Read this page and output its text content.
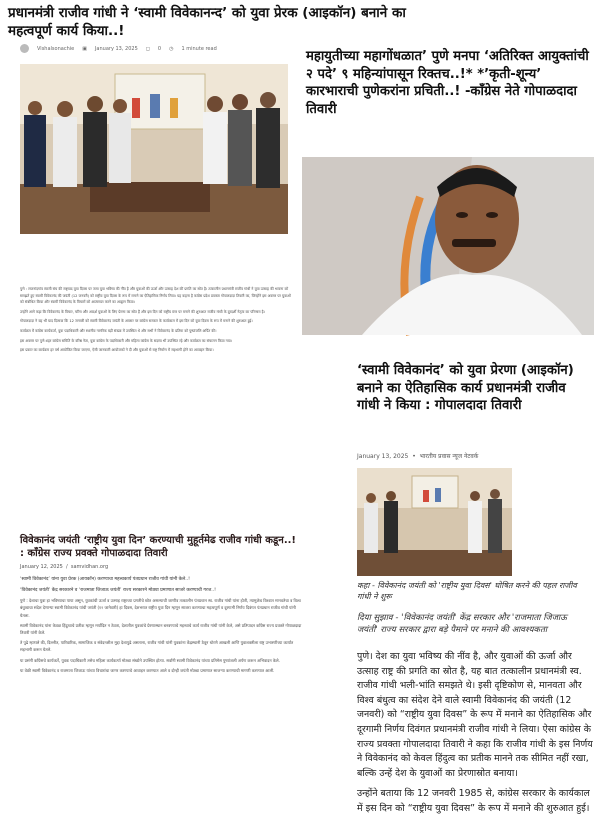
प्रधानमंत्री राजीव गांधी ने ‘स्वामी विवेकानन्द’ को युवा प्रेरक (आइकॉन) बनाने का महत्वपूर्ण कार्य किया..!
Vishalsonachie ▣ January 13, 2025 ◻ 0 ◷ 1 minute read

पुणे : राजनांदगांव स्वामी संघ की राष्ट्रवाद युवा दिवस पर जमा युवा भविष्य की नींव है और युवाओं की ऊर्जा और उत्साह देश की प्रगति का स्रोत है। तत्कालीन प्रधानमंत्री राजीव गांधी ने युवा उत्साह की भावना को समझते हुए स्वामी विवेकानंद की जयंती (12 जनवरी) को राष्ट्रीय युवा दिवस के रूप में मनाने का ऐतिहासिक निर्णय लिया। यह कहना है कांग्रेस प्रदेश प्रवक्ता गोपालदादा तिवारी का, जिन्होंने इस अवसर पर युवाओं को संबोधित किया और स्वामी विवेकानंद के विचारों को आत्मसात करने का आह्वान किया।

उन्होंने आगे कहा कि विवेकानंद के विचार, चरित्र और आदर्श युवाओं के लिए प्रेरणा का स्रोत हैं और इस दिन को राष्ट्रीय स्तर पर मनाने की शुरुआत राजीव गांधी के दूरदर्शी नेतृत्व का परिणाम है।

गोपालदादा ने यह भी याद दिलाया कि 12 जनवरी को स्वामी विवेकानंद जयंती के अवसर पर कांग्रेस सरकार के कार्यकाल में इस दिन को युवा दिवस के रूप में मनाने की शुरुआत हुई।

कार्यक्रम में कांग्रेस कार्यकर्ता, युवा पदाधिकारी और स्थानीय नागरिक बड़ी संख्या में उपस्थित थे और सभी ने विवेकानंद के प्रतिमा को पुष्पांजलि अर्पित की।

इस अवसर पर पुणे शहर कांग्रेस समिति के वरिष्ठ नेता, युवा कांग्रेस के पदाधिकारी और महिला कांग्रेस के सदस्य भी उपस्थित रहे और कार्यक्रम का संचालन किया गया।

इस प्रकार का कार्यक्रम हर वर्ष आयोजित किया जाएगा, ऐसी जानकारी आयोजकों ने दी और युवाओं से राष्ट्र निर्माण में सहभागी होने का आवाहन किया।

महायुतीच्या महागोंधळात’ पुणे मनपा ‘अतिरिक्त आयुक्तांची २ पदे’ ९ महिन्यांपासून रिक्तच..!* *’कृती-शून्य’ कारभाराची पुणेकरांना प्रचिती..! -कॉंग्रेस नेते गोपाळदादा तिवारी
‘स्वामी विवेकानंद’ को युवा प्रेरणा (आइकॉन) बनाने का ऐतिहासिक कार्य प्रधानमंत्री राजीव गांधी ने किया : गोपालदादा तिवारी
January 13, 2025  •  भारतीय प्रवास न्यूज नेटवर्क

कहा - विवेकानंद जयंती को 'राष्ट्रीय युवा दिवस' घोषित करने की पहल राजीव गांधी ने शुरू

दिया सुझाव - 'विवेकानंद जयंती' केंद्र सरकार और 'राजमाता जिजाऊ जयंती' राज्य सरकार द्वारा बड़े पैमाने पर मनाने की आवश्यकता

पुणे। देश का युवा भविष्य की नींव है, और युवाओं की ऊर्जा और उत्साह राष्ट्र की प्रगति का स्रोत है, यह बात तत्कालीन प्रधानमंत्री स्व. राजीव गांधी भली-भांति समझते थे। इसी दृष्टिकोण से, मानवता और विश्व बंधुत्व का संदेश देने वाले स्वामी विवेकानंद की जयंती (12 जनवरी) को “राष्ट्रीय युवा दिवस” के रूप में मनाने का ऐतिहासिक और दूरगामी निर्णय दिवंगत प्रधानमंत्री राजीव गांधी ने लिया। ऐसा कांग्रेस के राज्य प्रवक्ता गोपालदादा तिवारी ने कहा कि राजीव गांधी के इस निर्णय ने विवेकानंद को केवल हिंदुत्व का प्रतीक मानने तक सीमित नहीं रखा, बल्कि उन्हें देश के युवाओं का प्रेरणास्रोत बनाया।

उन्होंने बताया कि 12 जनवरी 1985 से, कांग्रेस सरकार के कार्यकाल में इस दिन को “राष्ट्रीय युवा दिवस” के रूप में मनाने की शुरुआत हुई।

विवेकानंद जयंती ‘राष्ट्रीय युवा दिन’ करण्याची मुहूर्तमेढ राजीव गांधी कडून..! : कॉंग्रेस राज्य प्रवक्ते गोपाळदादा तिवारी
January 12, 2025  /  samvidhan.org

‘स्वामी विवेकानंद’ यांना युवा प्रेरक (आयकॉन) करण्याचा महत्त्वकार्य पंतप्रधान राजीव गांधी यांनी केले..!

‘विवेकानंद जयंती’ केंद्र सरकारने व ‘राजमाता जिजाऊ जयंती’ राज्य सरकारने मोठ्या प्रमाणात साजरे करण्याची गरज..!

पुणे : देशाचा युवा हा भविष्याचा पाया असून, युवकांची ऊर्जा व उत्साह राष्ट्राच्या प्रगतीचे स्रोत असल्याची जाणीव तत्कालीन पंतप्रधान स्व. राजीव गांधी यांना होती, त्यामुळेच विश्वात मानवतेचा व विश्व बंधुत्वाचा संदेश देणाऱ्या स्वामी विवेकानंद यांची जयंती (१२ जानेवारी) हा दिवस, देशभरात राष्ट्रीय युवा दिन म्हणून साजरा करण्याचा महत्वपूर्ण व दूरगामी निर्णय दिवंगत पंतप्रधान राजीव गांधी यांनी घेतला.

स्वामी विवेकानंद यांना केवळ हिंदुत्वाचे प्रतीक म्हणून मर्यादित न ठेवता, देशातील युवकांचे प्रेरणास्थान बनवण्याचे महत्त्वाचे कार्य राजीव गांधी यांनी केले, असे प्रतिपादन कॉंग्रेस राज्य प्रवक्ते गोपाळदादा तिवारी यांनी केले.

ते पुढे म्हणाले की, दिल्लीत, पारिवारिक, सामाजिक व संवेदनशील मुद्दा देशापुढे असताना, राजीव गांधी यांनी युवकांना केंद्रस्थानी ठेवून धोरणे आखली आणि युवाशक्तीला राष्ट्र उभारणीच्या कार्यात सहभागी करून घेतले.

या प्रसंगी कॉंग्रेसचे कार्यकर्ते, युवक पदाधिकारी तसेच महिला कार्यकर्त्या मोठ्या संख्येने उपस्थित होत्या. सर्वांनी स्वामी विवेकानंद यांच्या प्रतिमेस पुष्पांजली अर्पण करून अभिवादन केले.

या वेळी स्वामी विवेकानंद व राजमाता जिजाऊ यांच्या विचारांचा जागर करण्याचे आवाहन करण्यात आले व दोन्ही जयंती मोठ्या प्रमाणात साजऱ्या करण्याची मागणी करण्यात आली.
